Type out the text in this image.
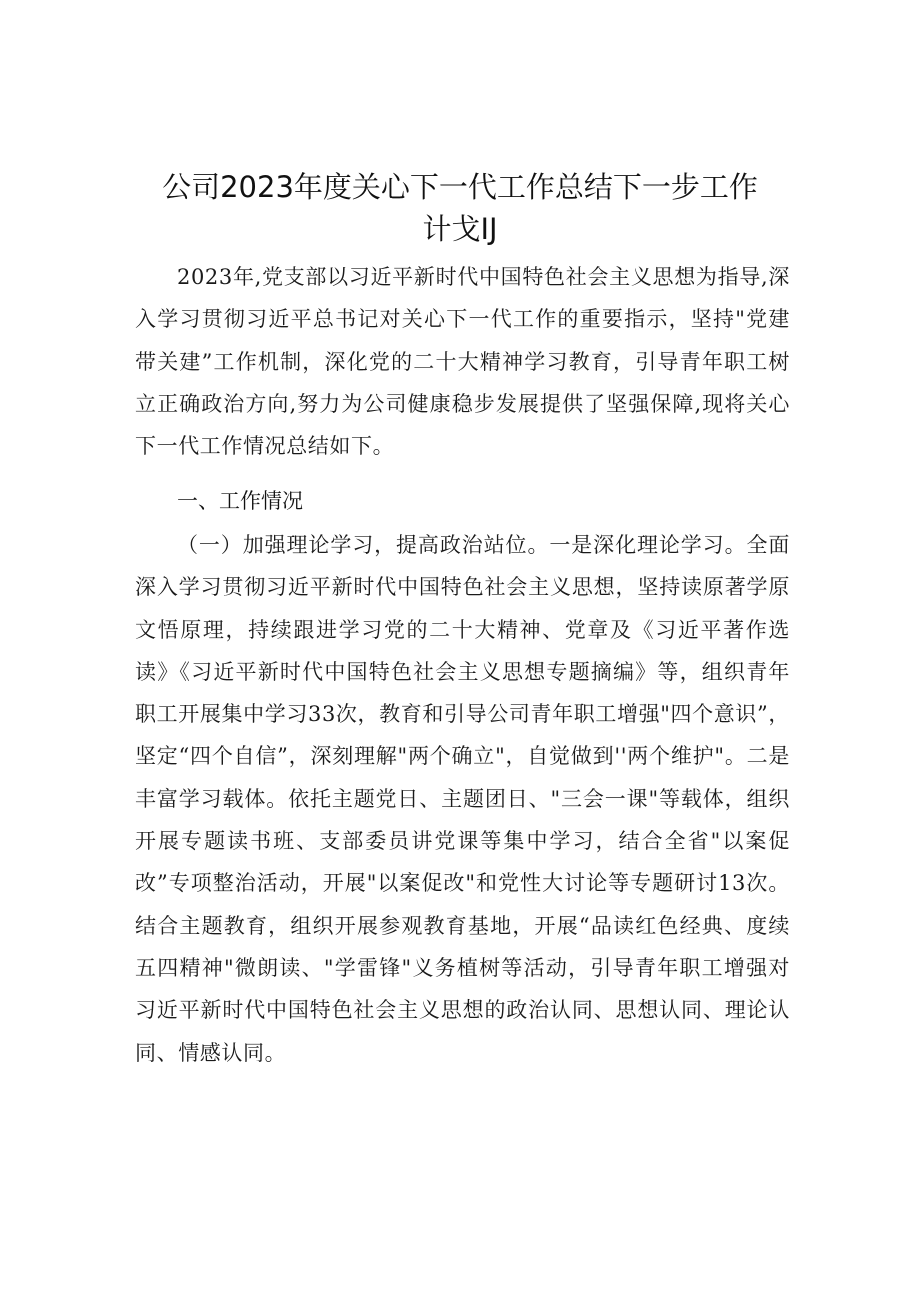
公司2023年度关心下一代工作总结下一步工作
计戈IJ

2023年,党支部以习近平新时代中国特色社会主义思想为指导,深入学习贯彻习近平总书记对关心下一代工作的重要指示，坚持"党建带关建”工作机制，深化党的二十大精神学习教育，引导青年职工树立正确政治方向,努力为公司健康稳步发展提供了坚强保障,现将关心下一代工作情况总结如下。

一、工作情况

（一）加强理论学习，提高政治站位。一是深化理论学习。全面深入学习贯彻习近平新时代中国特色社会主义思想，坚持读原著学原文悟原理，持续跟进学习党的二十大精神、党章及《习近平著作选读》《习近平新时代中国特色社会主义思想专题摘编》等，组织青年职工开展集中学习33次，教育和引导公司青年职工增强"四个意识”，坚定“四个自信”，深刻理解"两个确立"，自觉做到''两个维护"。二是丰富学习载体。依托主题党日、主题团日、"三会一课"等载体，组织开展专题读书班、支部委员讲党课等集中学习，结合全省"以案促改”专项整治活动，开展"以案促改"和党性大讨论等专题研讨13次。结合主题教育，组织开展参观教育基地，开展“品读红色经典、度续五四精神"微朗读、"学雷锋"义务植树等活动，引导青年职工增强对习近平新时代中国特色社会主义思想的政治认同、思想认同、理论认同、情感认同。
